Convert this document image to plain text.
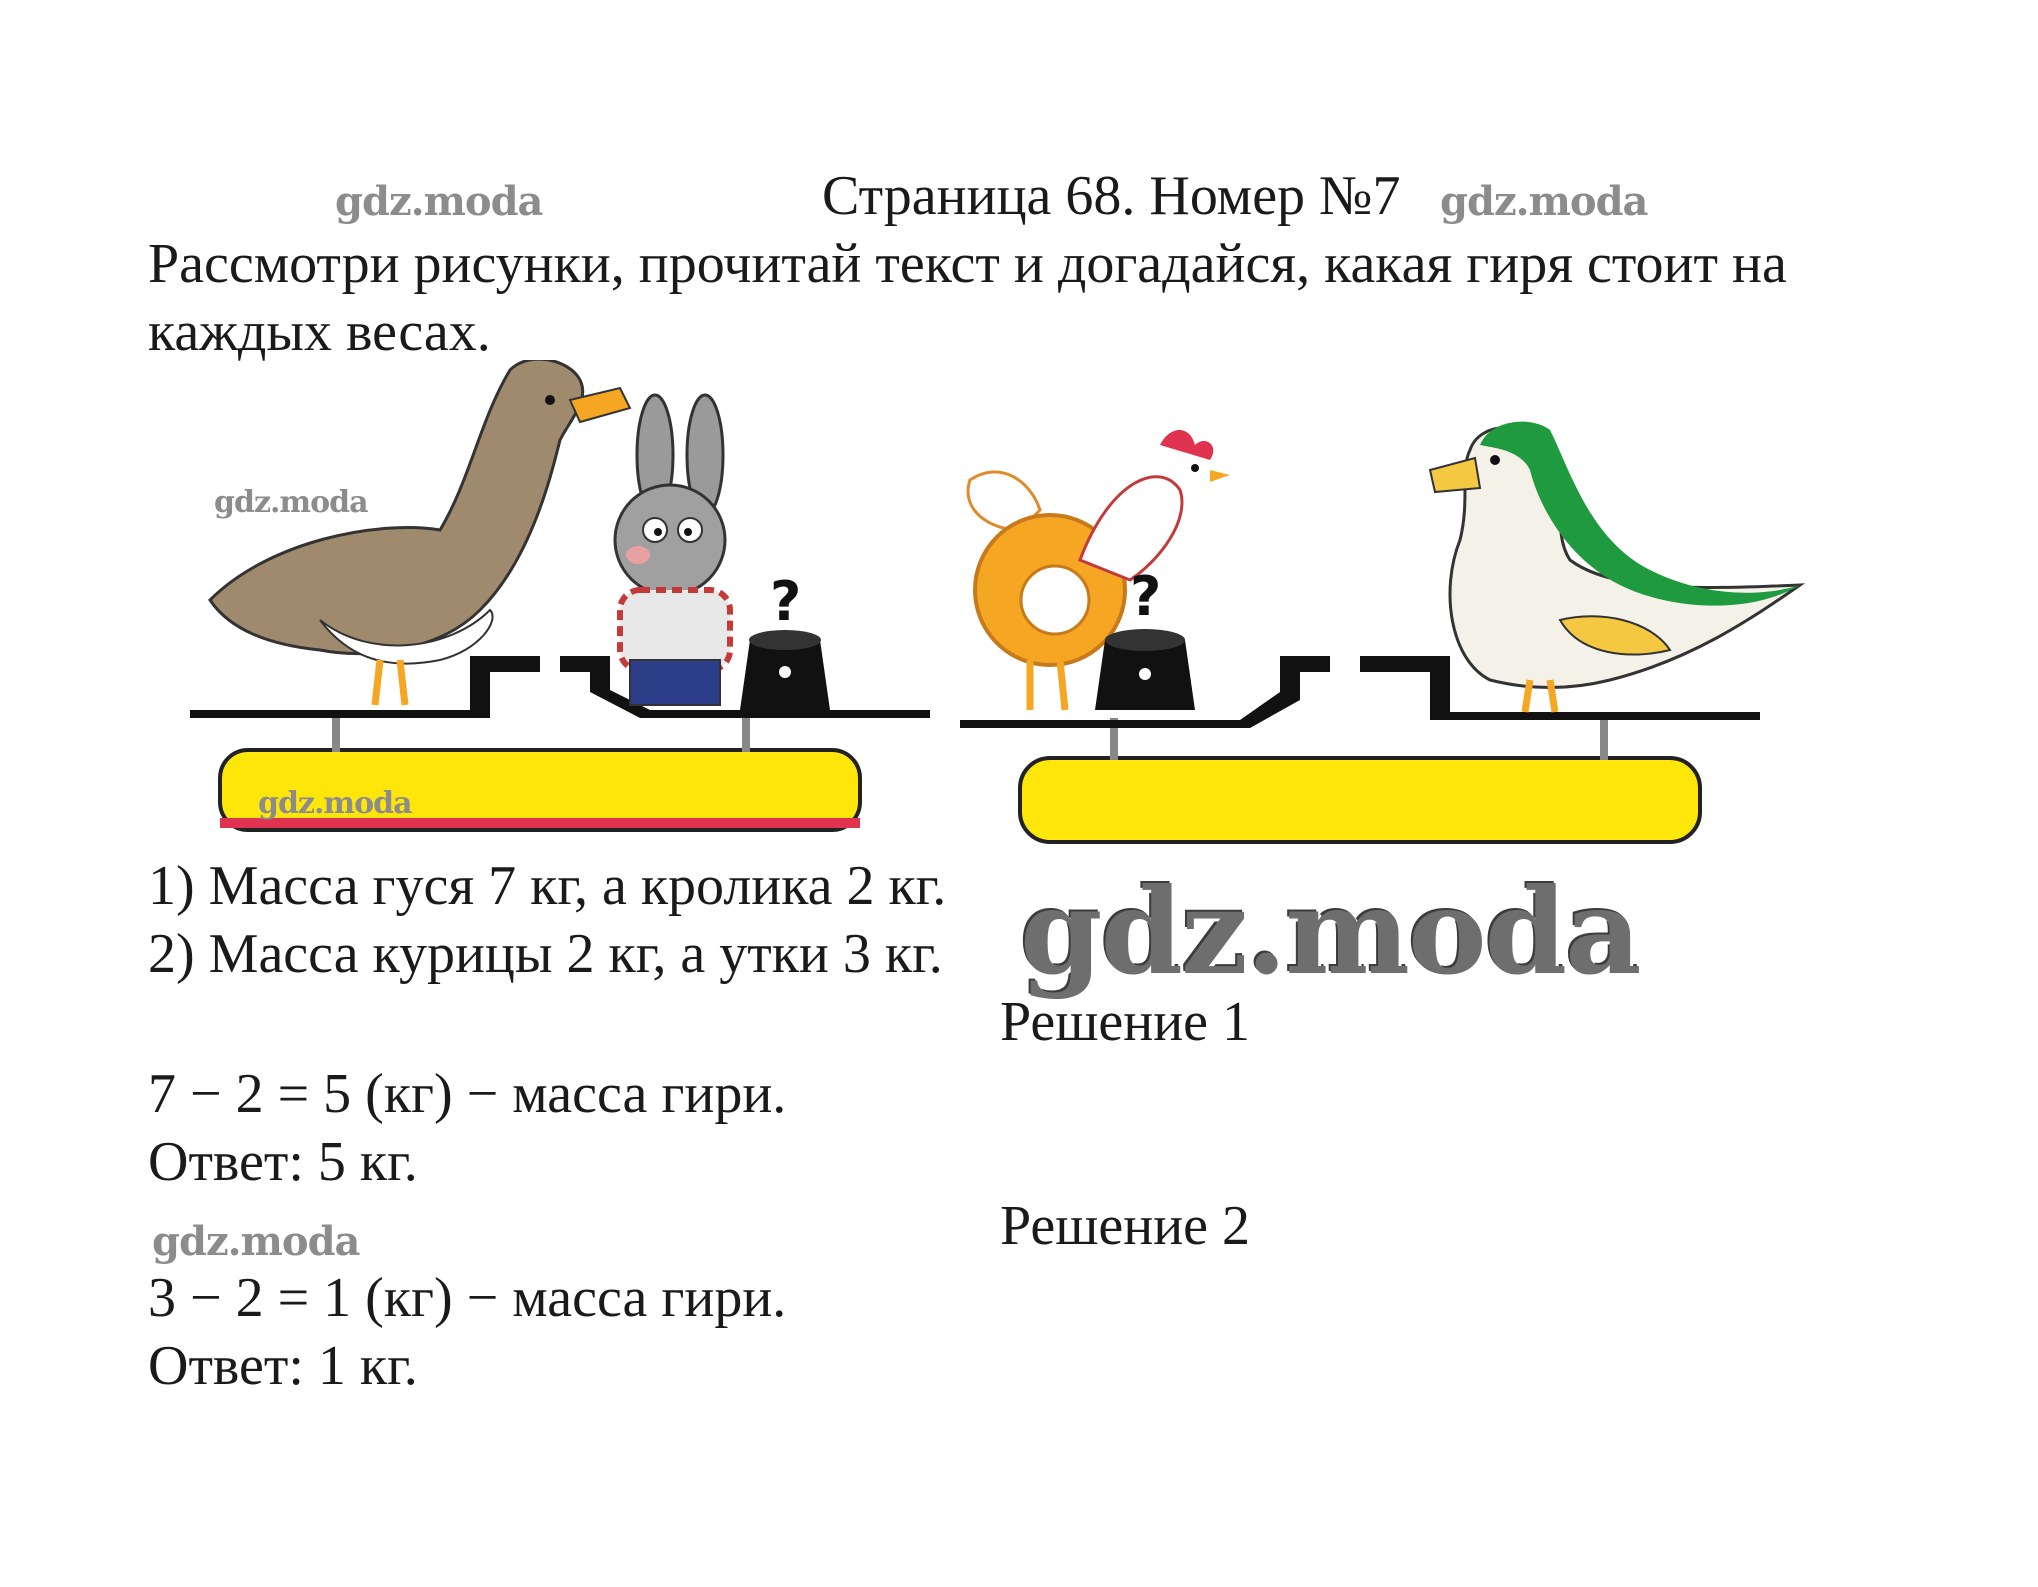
gdz.moda	Страница 68. Номер №7 gdz.moda
Рассмотри рисунки, прочитай текст и догадайся, какая гиря стоит на
каждых весах.
?	?
gdz.moda
gdz.moda
1) Масса гуся 7 кг, а кролика 2 кг.
2) Масса курицы 2 кг, а утки 3 кг. gdz.moda
Решение 1
7 − 2 = 5 (кг) − масса гири.
Ответ: 5 кг.
Решение 2
gdz.moda
3 − 2 = 1 (кг) − масса гири.
Ответ: 1 кг.
